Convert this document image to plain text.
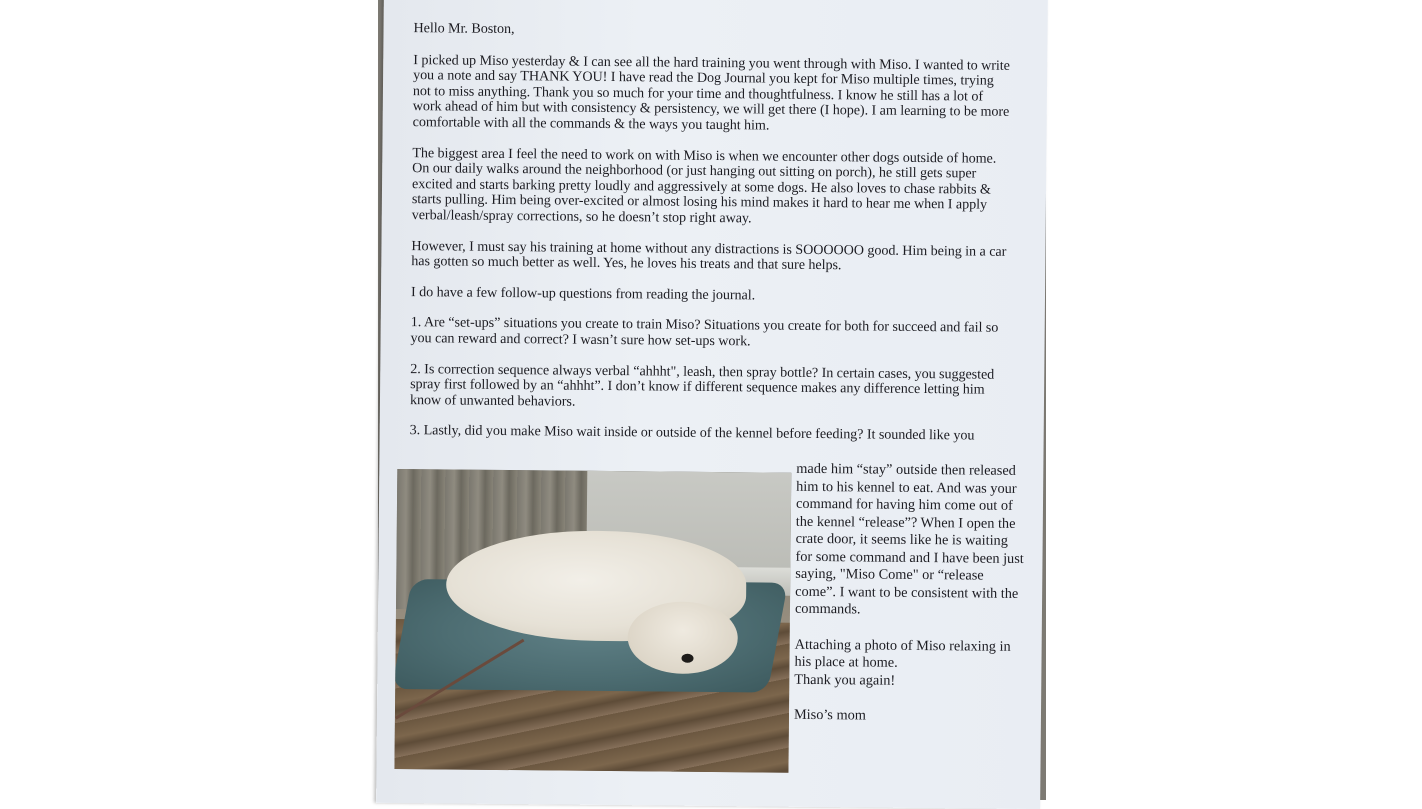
Hello Mr. Boston,

I picked up Miso yesterday & I can see all the hard training you went through with Miso. I wanted to write you a note and say THANK YOU! I have read the Dog Journal you kept for Miso multiple times, trying not to miss anything. Thank you so much for your time and thoughtfulness. I know he still has a lot of work ahead of him but with consistency & persistency, we will get there (I hope). I am learning to be more comfortable with all the commands & the ways you taught him.

The biggest area I feel the need to work on with Miso is when we encounter other dogs outside of home. On our daily walks around the neighborhood (or just hanging out sitting on porch), he still gets super excited and starts barking pretty loudly and aggressively at some dogs. He also loves to chase rabbits & starts pulling. Him being over-excited or almost losing his mind makes it hard to hear me when I apply verbal/leash/spray corrections, so he doesn’t stop right away.

However, I must say his training at home without any distractions is SOOOOOO good. Him being in a car has gotten so much better as well. Yes, he loves his treats and that sure helps.

I do have a few follow-up questions from reading the journal.

1. Are “set-ups” situations you create to train Miso? Situations you create for both for succeed and fail so you can reward and correct? I wasn’t sure how set-ups work.

2. Is correction sequence always verbal “ahhht", leash, then spray bottle? In certain cases, you suggested spray first followed by an “ahhht”. I don’t know if different sequence makes any difference letting him know of unwanted behaviors.

3. Lastly, did you make Miso wait inside or outside of the kennel before feeding? It sounded like you

made him “stay” outside then released him to his kennel to eat. And was your command for having him come out of the kennel “release”? When I open the crate door, it seems like he is waiting for some command and I have been just saying, "Miso Come" or “release come”. I want to be consistent with the commands.

Attaching a photo of Miso relaxing in his place at home.

Thank you again!

Miso’s mom
